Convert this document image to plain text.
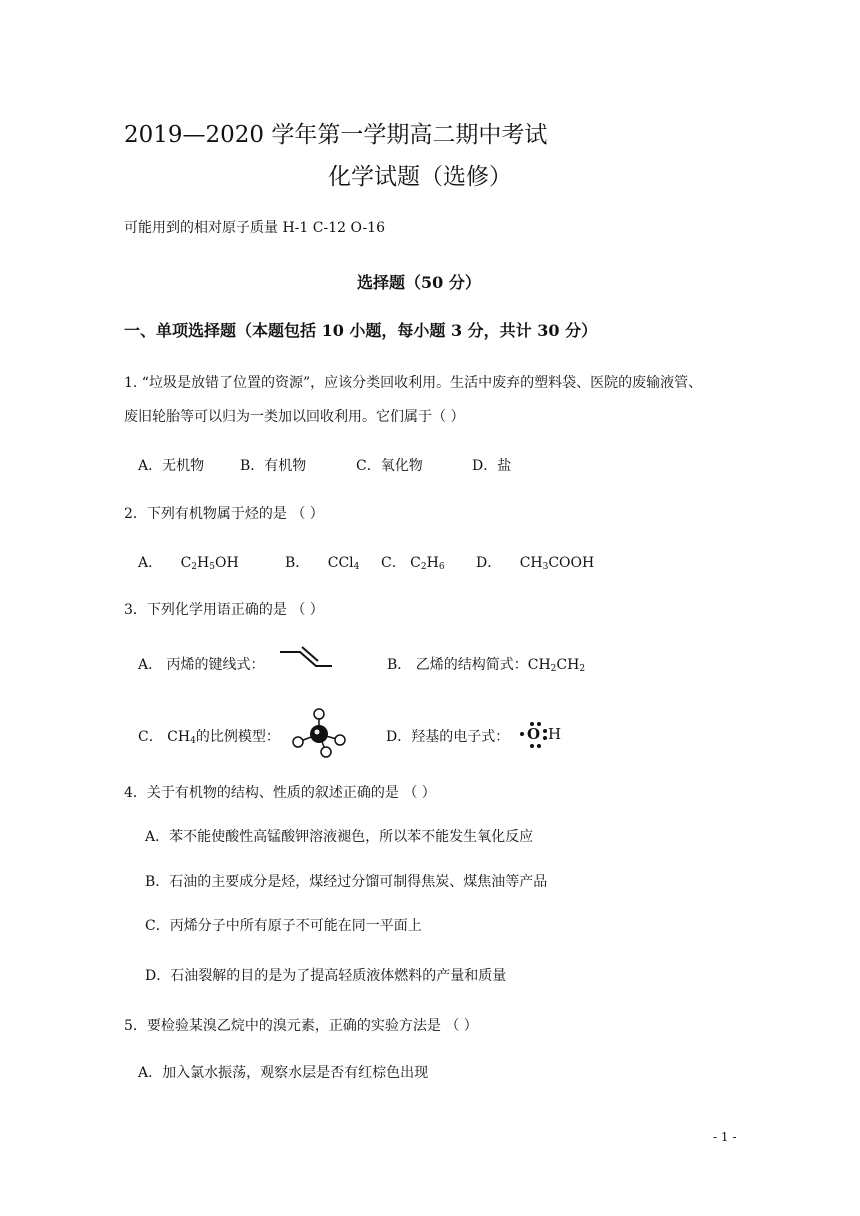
2019—2020 学年第一学期高二期中考试
化学试题（选修）
可能用到的相对原子质量 H-1 C-12 O-16
选择题（50 分）
一、单项选择题（本题包括 10 小题，每小题 3 分，共计 30 分）
1. “垃圾是放错了位置的资源”，应该分类回收利用。生活中废弃的塑料袋、医院的废输液管、
废旧轮胎等可以归为一类加以回收利用。它们属于（ ）
A．无机物	B．有机物	C．氧化物	D．盐
2．下列有机物属于烃的是 （ ）
A． $C_2H_5OH$	B． CCl$_4$ C． $C_2H_6$ D． $CH_3COOH$
3．下列化学用语正确的是 （ ）
A． 丙烯的键线式：	B． 乙烯的结构简式：$CH_2CH_2$
C． $CH_4$的比例模型：	D．羟基的电子式： O H
4．关于有机物的结构、性质的叙述正确的是 （ ）
A．苯不能使酸性高锰酸钾溶液褪色，所以苯不能发生氧化反应
B．石油的主要成分是烃，煤经过分馏可制得焦炭、煤焦油等产品
C．丙烯分子中所有原子不可能在同一平面上
D．石油裂解的目的是为了提高轻质液体燃料的产量和质量
5．要检验某溴乙烷中的溴元素，正确的实验方法是 （ ）
A．加入氯水振荡，观察水层是否有红棕色出现
- 1 -
